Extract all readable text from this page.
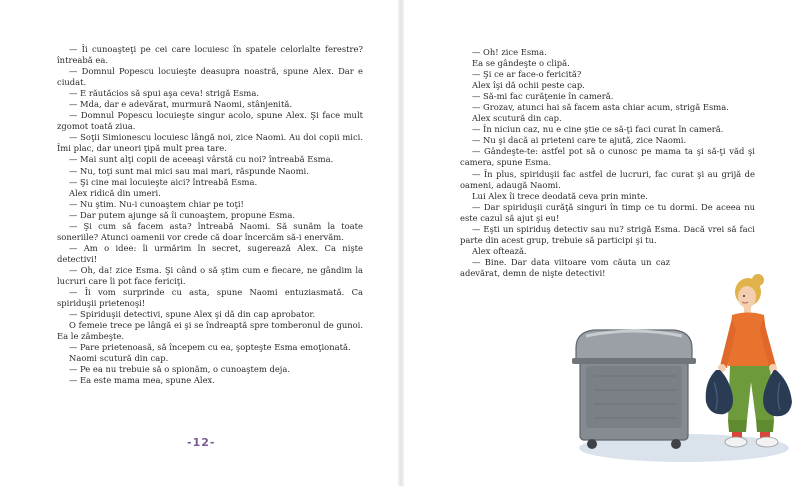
— Îi cunoaşteţi pe cei care locuiesc în spatele celorlalte ferestre? întreabă ea.

— Domnul Popescu locuieşte deasupra noastră, spune Alex. Dar e ciudat.

— E răutăcios să spui aşa ceva! strigă Esma.

— Mda, dar e adevărat, murmură Naomi, stânjenită.

— Domnul Popescu locuieşte singur acolo, spune Alex. Şi face mult zgomot toată ziua.

— Soţii Simionescu locuiesc lângă noi, zice Naomi. Au doi copii mici. Îmi plac, dar uneori ţipă mult prea tare.

— Mai sunt alţi copii de aceeaşi vârstă cu noi? întreabă Esma.

— Nu, toţi sunt mai mici sau mai mari, răspunde Naomi.

— Şi cine mai locuieşte aici? întreabă Esma.

Alex ridică din umeri.

— Nu ştim. Nu-i cunoaştem chiar pe toţi!

— Dar putem ajunge să îi cunoaştem, propune Esma.

— Şi cum să facem asta? întreabă Naomi. Să sunăm la toate soneriile? Atunci oamenii vor crede că doar încercăm să-i enervăm.

— Am o idee: îi urmărim în secret, sugerează Alex. Ca nişte detectivi!

— Oh, da! zice Esma. Şi când o să ştim cum e fiecare, ne gândim la lucruri care îi pot face fericiţi.

— Îi vom surprinde cu asta, spune Naomi entuziasmată. Ca spiriduşii prietenoşi!

— Spiriduşii detectivi, spune Alex şi dă din cap aprobator.

O femeie trece pe lângă ei şi se îndreaptă spre tomberonul de gunoi. Ea le zâmbeşte.

— Pare prietenoasă, să începem cu ea, şopteşte Esma emoţionată.

Naomi scutură din cap.

— Pe ea nu trebuie să o spionăm, o cunoaştem deja.

— Ea este mama mea, spune Alex.

-12-

— Oh! zice Esma.

Ea se gândeşte o clipă.

— Şi ce ar face-o fericită?

Alex îşi dă ochii peste cap.

— Să-mi fac curăţenie în cameră.

— Grozav, atunci hai să facem asta chiar acum, strigă Esma.

Alex scutură din cap.

— În niciun caz, nu e cine ştie ce să-ţi faci curat în cameră.

— Nu şi dacă ai prieteni care te ajută, zice Naomi.

— Gândeşte-te: astfel pot să o cunosc pe mama ta şi să-ţi văd şi camera, spune Esma.

— În plus, spiriduşii fac astfel de lucruri, fac curat şi au grijă de oameni, adaugă Naomi.

Lui Alex îi trece deodată ceva prin minte.

— Dar spiriduşii curăţă singuri în timp ce tu dormi. De aceea nu este cazul să ajut şi eu!

— Eşti un spiriduş detectiv sau nu? strigă Esma. Dacă vrei să faci parte din acest grup, trebuie să participi şi tu.

Alex oftează.

— Bine. Dar data viitoare vom căuta un caz adevărat, demn de nişte detectivi!
